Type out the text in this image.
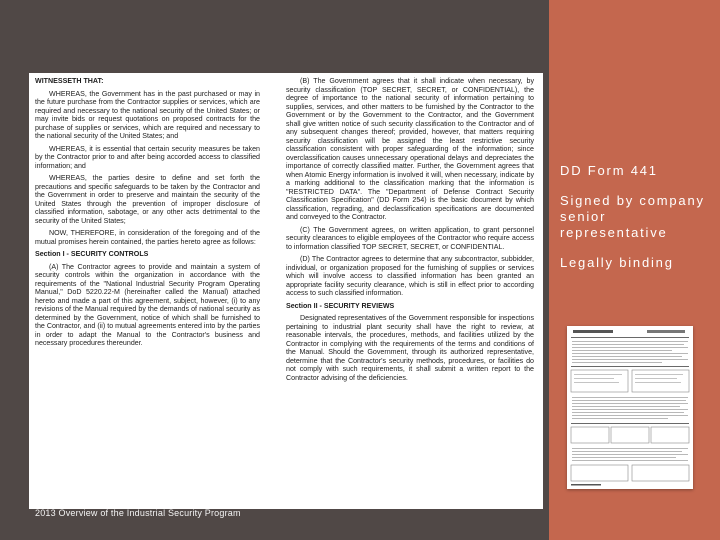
WITNESSETH THAT:

WHEREAS, the Government has in the past purchased or may in the future purchase from the Contractor supplies or services, which are required and necessary to the national security of the United States; or may invite bids or request quotations on proposed contracts for the purchase of supplies or services, which are required and necessary to the national security of the United States; and

WHEREAS, it is essential that certain security measures be taken by the Contractor prior to and after being accorded access to classified information; and

WHEREAS, the parties desire to define and set forth the precautions and specific safeguards to be taken by the Contractor and the Government in order to preserve and maintain the security of the United States through the prevention of improper disclosure of classified information, sabotage, or any other acts detrimental to the security of the United States;

NOW, THEREFORE, in consideration of the foregoing and of the mutual promises herein contained, the parties hereto agree as follows:

Section I - SECURITY CONTROLS

(A) The Contractor agrees to provide and maintain a system of security controls within the organization in accordance with the requirements of the "National Industrial Security Program Operating Manual," DoD 5220.22-M (hereinafter called the Manual) attached hereto and made a part of this agreement, subject, however, (i) to any revisions of the Manual required by the demands of national security as determined by the Government, notice of which shall be furnished to the Contractor, and (ii) to mutual agreements entered into by the parties in order to adapt the Manual to the Contractor's business and necessary procedures thereunder.

(B) The Government agrees that it shall indicate when necessary, by security classification (TOP SECRET, SECRET, or CONFIDENTIAL), the degree of importance to the national security of information pertaining to supplies, services, and other matters to be furnished by the Contractor to the Government or by the Government to the Contractor, and the Government shall give written notice of such security classification to the Contractor and of any subsequent changes thereof; provided, however, that matters requiring security classification will be assigned the least restrictive security classification consistent with proper safeguarding of the information; since overclassification causes unnecessary operational delays and depreciates the importance of correctly classified matter. Further, the Government agrees that when Atomic Energy information is involved it will, when necessary, indicate by a marking additional to the classification marking that the information is "RESTRICTED DATA". The "Department of Defense Contract Security Classification Specification" (DD Form 254) is the basic document by which classification, regrading, and declassification specifications are documented and conveyed to the Contractor.

(C) The Government agrees, on written application, to grant personnel security clearances to eligible employees of the Contractor who require access to information classified TOP SECRET, SECRET, or CONFIDENTIAL.

(D) The Contractor agrees to determine that any subcontractor, subbidder, individual, or organization proposed for the furnishing of supplies or services which will involve access to classified information has been granted an appropriate facility security clearance, which is still in effect prior to according access to such classified information.

Section II - SECURITY REVIEWS

Designated representatives of the Government responsible for inspections pertaining to industrial plant security shall have the right to review, at reasonable intervals, the procedures, methods, and facilities utilized by the Contractor in complying with the requirements of the terms and conditions of the Manual. Should the Government, through its authorized representative, determine that the Contractor's security methods, procedures, or facilities do not comply with such requirements, it shall submit a written report to the Contractor advising of the deficiencies.

2013 Overview of the Industrial Security Program
DD Form 441
Signed by company senior representative
Legally binding
